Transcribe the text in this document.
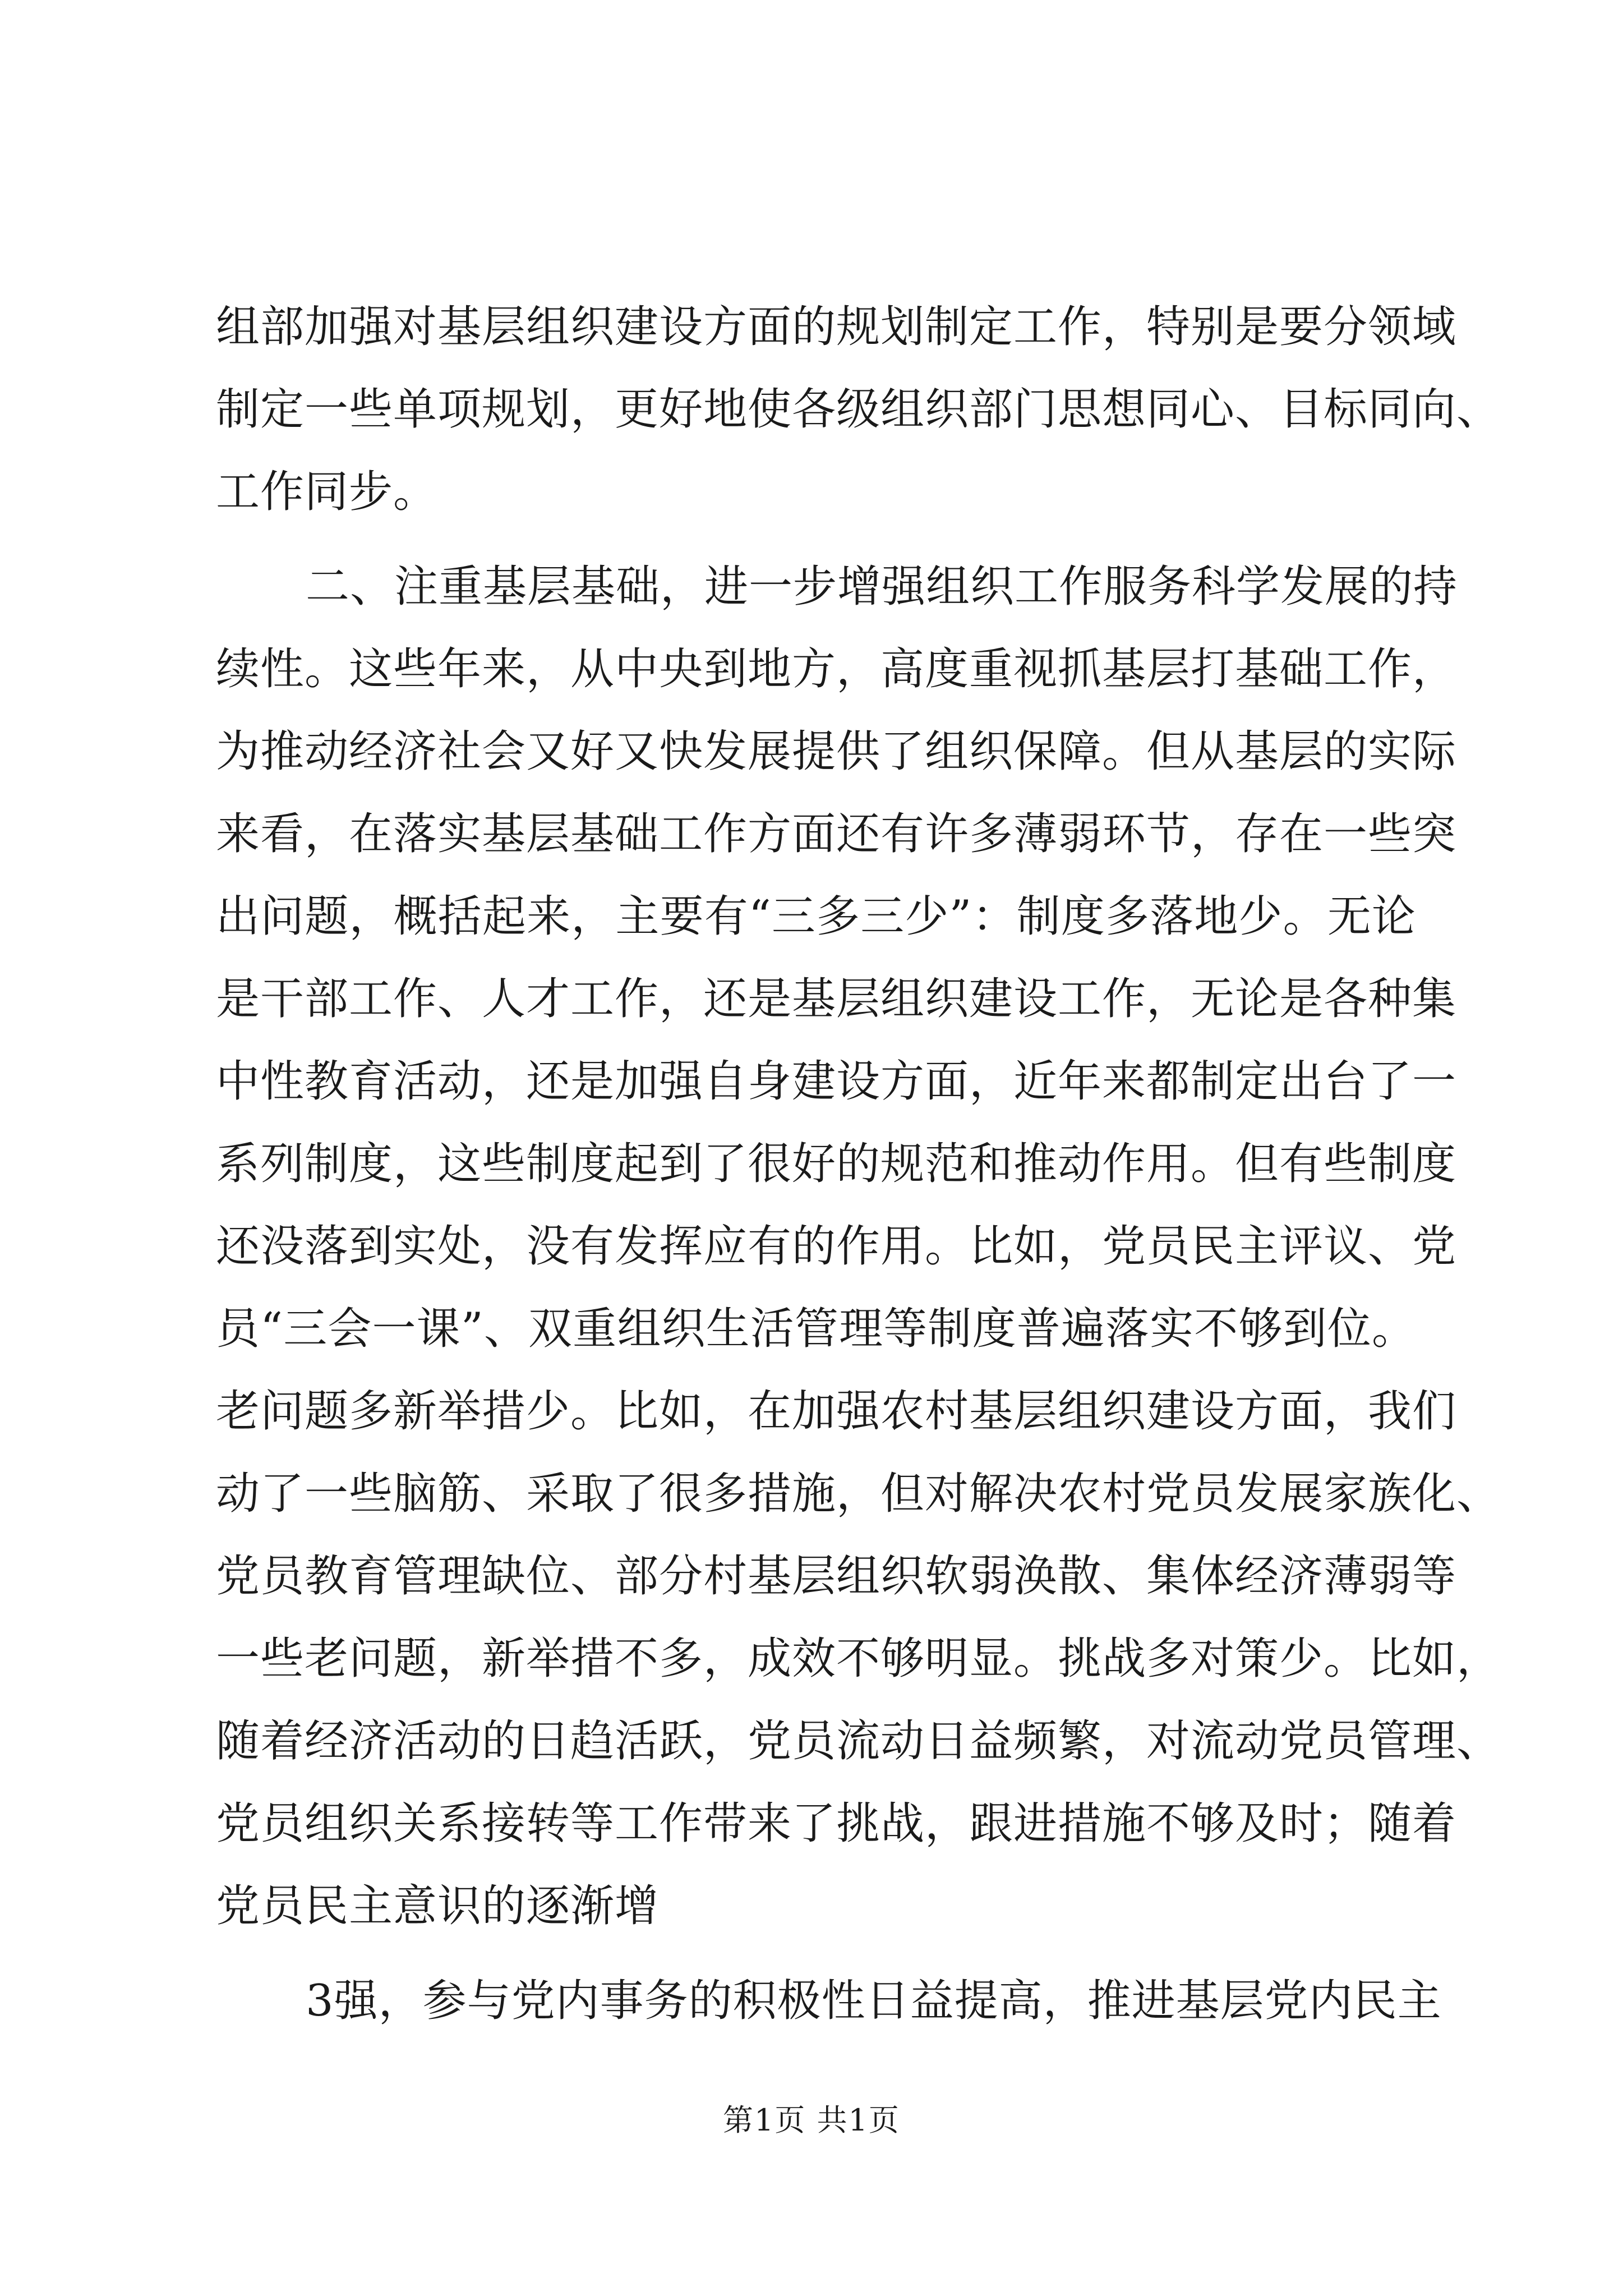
组部加强对基层组织建设方面的规划制定工作，特别是要分领域
制定一些单项规划，更好地使各级组织部门思想同心、目标同向、
工作同步。
二、注重基层基础，进一步增强组织工作服务科学发展的持
续性。这些年来，从中央到地方，高度重视抓基层打基础工作，
为推动经济社会又好又快发展提供了组织保障。但从基层的实际
来看，在落实基层基础工作方面还有许多薄弱环节，存在一些突
出问题，概括起来，主要有“三多三少”：制度多落地少。无论
是干部工作、人才工作，还是基层组织建设工作，无论是各种集
中性教育活动，还是加强自身建设方面，近年来都制定出台了一
系列制度，这些制度起到了很好的规范和推动作用。但有些制度
还没落到实处，没有发挥应有的作用。比如，党员民主评议、党
员“三会一课”、双重组织生活管理等制度普遍落实不够到位。
老问题多新举措少。比如，在加强农村基层组织建设方面，我们
动了一些脑筋、采取了很多措施，但对解决农村党员发展家族化、
党员教育管理缺位、部分村基层组织软弱涣散、集体经济薄弱等
一些老问题，新举措不多，成效不够明显。挑战多对策少。比如，
随着经济活动的日趋活跃，党员流动日益频繁，对流动党员管理、
党员组织关系接转等工作带来了挑战，跟进措施不够及时；随着
党员民主意识的逐渐增
3强，参与党内事务的积极性日益提高，推进基层党内民主
第1页 共1页
